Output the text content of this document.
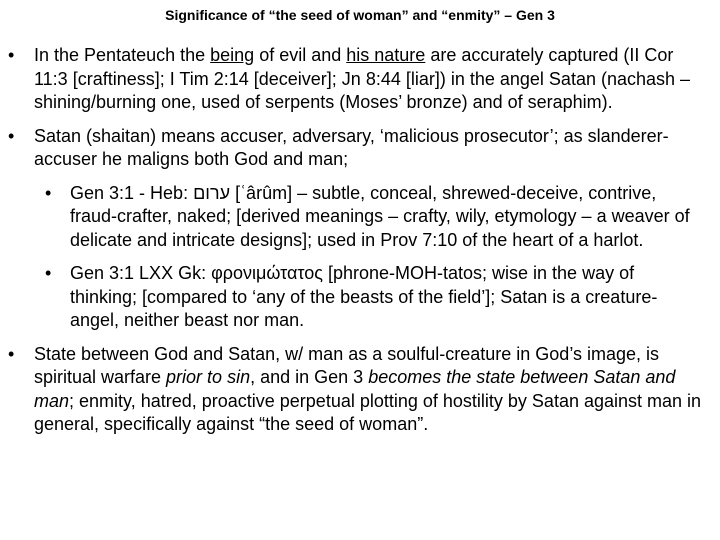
Significance of “the seed of woman” and “enmity” – Gen 3
• In the Pentateuch the being of evil and his nature are accurately captured (II Cor 11:3 [craftiness]; I Tim 2:14 [deceiver]; Jn 8:44 [liar]) in the angel Satan (nachash – shining/burning one, used of serpents (Moses’ bronze) and of seraphim).
• Satan (shaitan) means accuser, adversary, ‘malicious prosecutor’; as slanderer-accuser he maligns both God and man;
• Gen 3:1 - Heb: ערום [ʿârûm] – subtle, conceal, shrewed-deceive, contrive, fraud-crafter, naked; [derived meanings – crafty, wily, etymology – a weaver of delicate and intricate designs]; used in Prov 7:10 of the heart of a harlot.
• Gen 3:1 LXX Gk: φρονιμώτατος [phrone-MOH-tatos; wise in the way of thinking; [compared to ‘any of the beasts of the field’]; Satan is a creature-angel, neither beast nor man.
• State between God and Satan, w/ man as a soulful-creature in God’s image, is spiritual warfare prior to sin, and in Gen 3 becomes the state between Satan and man; enmity, hatred, proactive perpetual plotting of hostility by Satan against man in general, specifically against “the seed of woman”.
